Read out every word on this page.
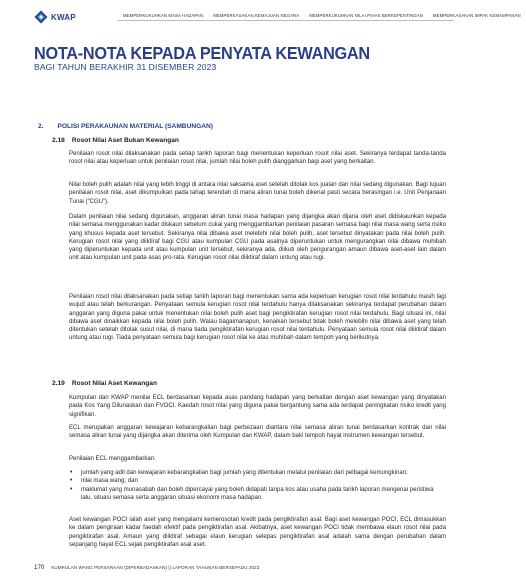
KWAP	MEMPERKUKUHKAN MASA HADAPAN	MEMPERKASAKAN KEMAJUAN NEGARA	MEMPERKUKUHKAN NILAI PIHAK BERKEPENTINGAN	MEMPERKASAKAN IMPAK KEMAMPANAN
NOTA-NOTA KEPADA PENYATA KEWANGAN
BAGI TAHUN BERAKHIR 31 DISEMBER 2023
2. POLISI PERAKAUNAN MATERIAL (SAMBUNGAN)
2.18 Rosot Nilai Aset Bukan Kewangan

Penilaian rosot nilai dilaksanakan pada setiap tarikh laporan bagi menentukan keperluan rosot nilai aset. Sekiranya terdapat tanda-tanda rosot nilai atau keperluan untuk penilaian rosot nilai, jumlah nilai boleh pulih dianggarkan bagi aset yang berkaitan.

Nilai boleh pulih adalah nilai yang lebih tinggi di antara nilai saksama aset setelah ditolak kos jualan dan nilai sedang digunakan. Bagi tujuan penilaian rosot nilai, aset dikumpulkan pada tahap terendah di mana aliran tunai boleh dikenal pasti secara berasingan i.e. Unit Penjanaan Tunai (“CGU”).

Dalam penilaian nilai sedang digunakan, anggaran aliran tunai masa hadapan yang dijangka akan dijana oleh aset didiskaunkan kepada nilai semasa menggunakan kadar diskaun sebelum cukai yang menggambarkan penilaian pasaran semasa bagi nilai masa wang serta risiko yang khusus kepada aset tersebut. Sekiranya nilai dibawa aset melebihi nilai boleh pulih, aset tersebut dinyatakan pada nilai boleh pulih. Kerugian rosot nilai yang diiktiraf bagi CGU atau kumpulan CGU pada asalnya diperuntukan untuk mengurangkan nilai dibawa muhibah yang diperuntukan kepada unit atau kumpulan unit tersebut, sekiranya ada, diikuti oleh pengurangan amaun dibawa aset-aset lain dalam unit atau kumpulan unit pada asas pro-rata. Kerugian rosot nilai diiktiraf dalam untung atau rugi.

Penilaian rosot nilai dilaksanakan pada setiap tarikh laporan bagi menentukan sama ada keperluan kerugian rosot nilai terdahulu masih lagi wujud atau telah berkurangan. Penyataan semula kerugian rosot nilai terdahulu hanya dilaksanakan sekiranya terdapat perubahan dalam anggaran yang diguna pakai untuk menentukan nilai boleh pulih aset bagi pengiktirafan kerugian rosot nilai terdahulu. Bagi situasi ini, nilai dibawa aset dinaikkan kepada nilai boleh pulih. Walau bagaimanapun, kenaikan tersebut tidak boleh melebihi nilai dibawa aset yang telah ditentukan setelah ditolak susut nilai, di mana tiada pengiktirafan kerugian rosot nilai terdahulu. Penyataan semula rosot nilai diiktiraf dalam untung atau rugi. Tiada penyataan semula bagi kerugian rosot nilai ke atas muhibah dalam tempoh yang berikutnya.

2.19 Rosot Nilai Aset Kewangan

Kumpulan dan KWAP menilai ECL berdasarkan kepada asas pandang hadapan yang berkaitan dengan aset kewangan yang dinyatakan pada Kos Yang Dilunaskan dan FVOCI. Kaedah rosot nilai yang diguna pakai bergantung sama ada terdapat peningkatan risiko kredit yang signifikan.

ECL merupakan anggaran kewajaran kebarangkalian bagi perbezaan diantara nilai semasa aliran tunai berdasarkan kontrak dan nilai semasa aliran tunai yang dijangka akan diterima oleh Kumpulan dan KWAP, dalam baki tempoh hayat instrumen kewangan tersebut.

Penilaian ECL menggambarkan:

• jumlah yang adil dan kewajaran kebarangkalian bagi jumlah yang ditentukan melalui penilaian dari pelbagai kemungkinan;
• nilai masa wang; dan
• maklumat yang munasabah dan boleh dipercayai yang boleh didapati tanpa kos atau usaha pada tarikh laporan mengenai peristiwa lalu, situasi semasa serta anggaran situasi ekonomi masa hadapan.

Aset kewangan POCI ialah aset yang mengalami kemerosotan kredit pada pengiktirafan asal. Bagi aset kewangan POCI, ECL dimasukkan ke dalam pengiraan kadar faedah efektif pada pengiktirafan asal. Akibatnya, aset kewangan POCI tidak membawa elaun rosot nilai pada pengiktirafan asal. Amaun yang diiktiraf sebagai elaun kerugian selepas pengiktirafan asal adalah sama dengan perubahan dalam sepanjang hayat ECL sejak pengiktirafan asal aset.

170 KUMPULAN WANG PERSARAAN (DIPERBADANKAN) || LAPORAN TAHUNAN BERSEPADU 2023
